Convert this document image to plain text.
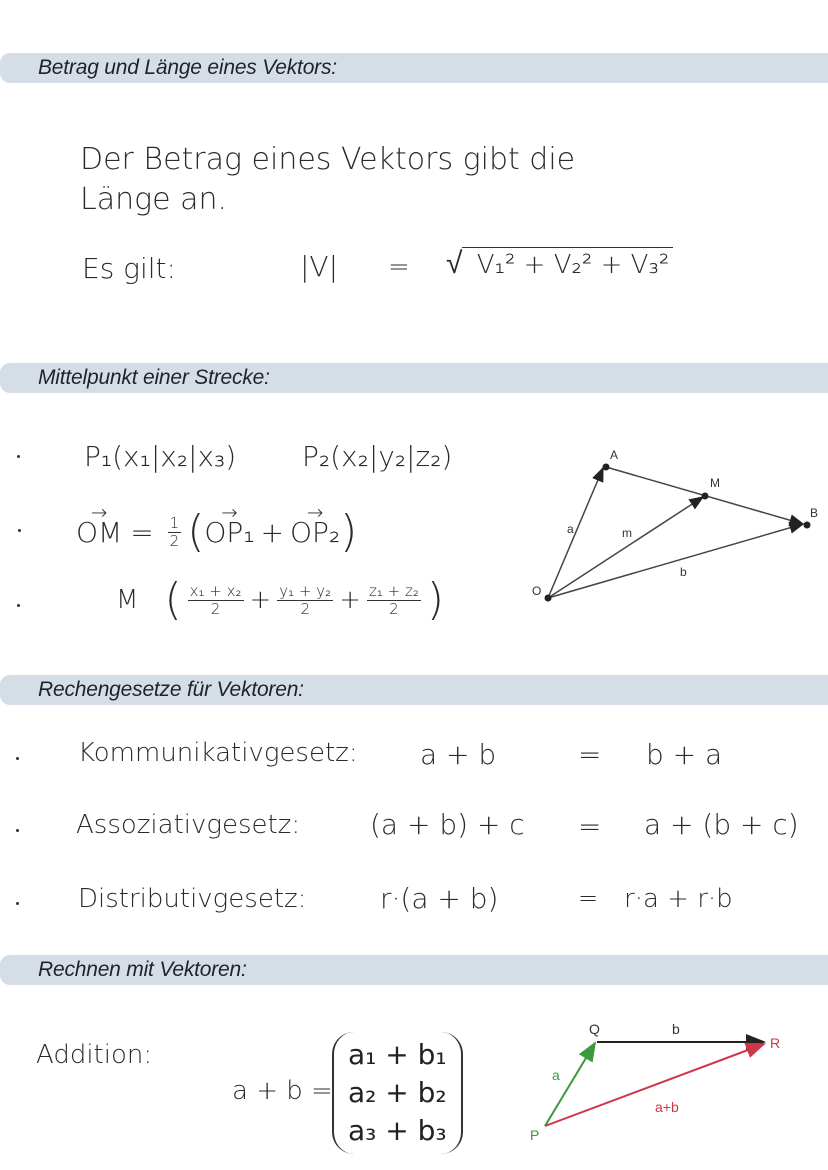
Betrag und Länge eines Vektors:
Der Betrag eines Vektors gibt die
Länge an.
Es gilt:	|V| = √ V₁² + V₂² + V₃²
Mittelpunkt einer Strecke:
P₁(x₁|x₂|x₃) P₂(x₂|y₂|z₂)
→ OM = $\frac{1}{2}$ ( → OP₁ + → OP₂ )
M ( $\frac{\text{x₁ + x₂}}{2} + \frac{\text{y₁ + y₂}}{2} + \frac{\text{z₁ + z₂}}{2}$ )	O
A
M
B
a	m
b
Rechengesetze für Vektoren:
Kommunikativgesetz: a + b	= b + a
Assoziativgesetz: (a + b) + c = a + (b + c)
Distributivgesetz:	r·(a + b)	= r·a + r·b
Rechnen mit Vektoren:
Addition:
a + b =
a₁ + b₁
a₂ + b₂
a₃ + b₃
Q
R
P
b
a
a+b
